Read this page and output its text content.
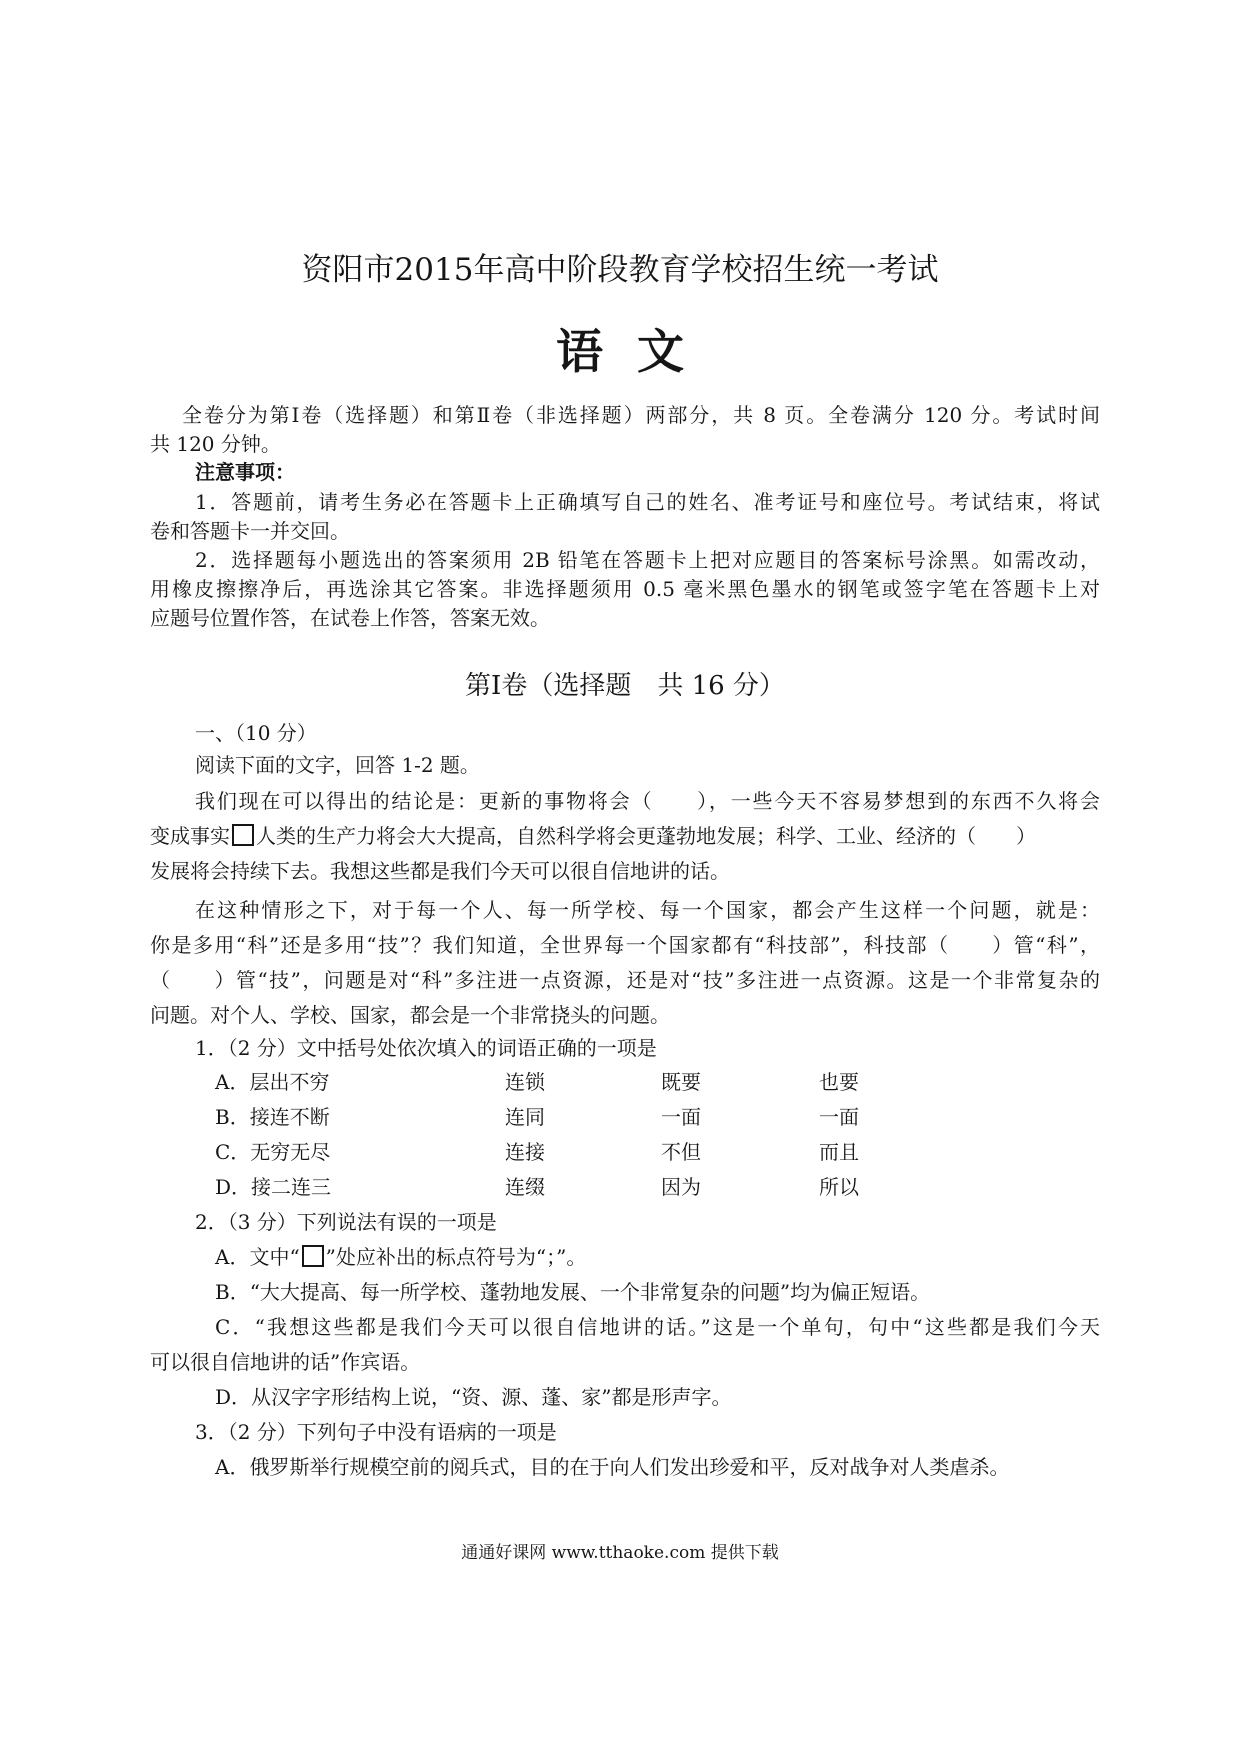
资阳市2015年高中阶段教育学校招生统一考试
语文

全卷分为第Ⅰ卷（选择题）和第Ⅱ卷（非选择题）两部分，共 8 页。全卷满分 120 分。考试时间

共 120 分钟。

注意事项：

1．答题前，请考生务必在答题卡上正确填写自己的姓名、准考证号和座位号。考试结束，将试

卷和答题卡一并交回。

2．选择题每小题选出的答案须用 2B 铅笔在答题卡上把对应题目的答案标号涂黑。如需改动，

用橡皮擦擦净后，再选涂其它答案。非选择题须用 0.5 毫米黑色墨水的钢笔或签字笔在答题卡上对

应题号位置作答，在试卷上作答，答案无效。

第Ⅰ卷（选择题　共 16 分）

一、（10 分）

阅读下面的文字，回答 1-2 题。

我们现在可以得出的结论是：更新的事物将会（　　），一些今天不容易梦想到的东西不久将会

变成事实 人类的生产力将会大大提高，自然科学将会更蓬勃地发展；科学、工业、经济的（　　）

发展将会持续下去。我想这些都是我们今天可以很自信地讲的话。

在这种情形之下，对于每一个人、每一所学校、每一个国家，都会产生这样一个问题，就是：

你是多用“科”还是多用“技”？我们知道，全世界每一个国家都有“科技部”，科技部（　　）管“科”，

（　　）管“技”，问题是对“科”多注进一点资源，还是对“技”多注进一点资源。这是一个非常复杂的

问题。对个人、学校、国家，都会是一个非常挠头的问题。

1．（2 分）文中括号处依次填入的词语正确的一项是

A．层出不穷	连锁	既要	也要
B．接连不断	连同	一面	一面
C．无穷无尽	连接	不但	而且
D．接二连三	连缀	因为	所以

2．（3 分）下列说法有误的一项是

A．文中“ ”处应补出的标点符号为“；”。

B．“大大提高、每一所学校、蓬勃地发展、一个非常复杂的问题”均为偏正短语。

C．“我想这些都是我们今天可以很自信地讲的话。”这是一个单句，句中“这些都是我们今天

可以很自信地讲的话”作宾语。

D．从汉字字形结构上说，“资、源、蓬、家”都是形声字。

3．（2 分）下列句子中没有语病的一项是

A．俄罗斯举行规模空前的阅兵式，目的在于向人们发出珍爱和平，反对战争对人类虐杀。

通通好课网 www.tthaoke.com 提供下载
